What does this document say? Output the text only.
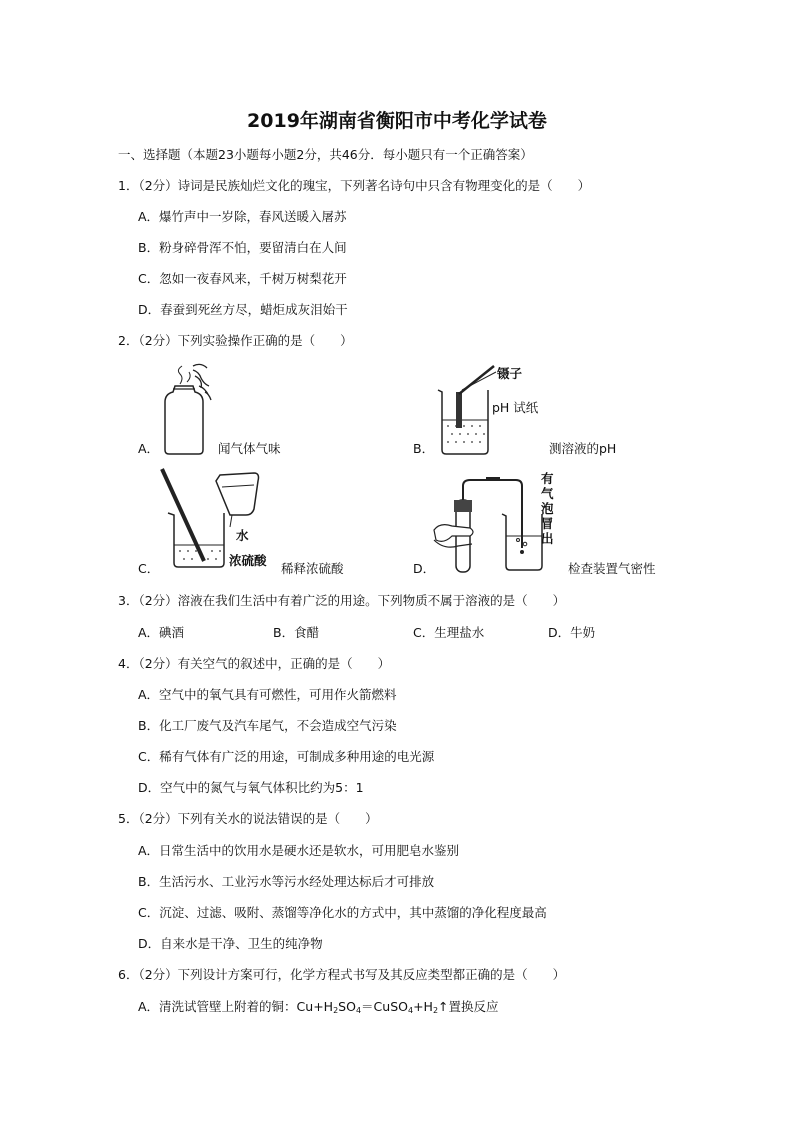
2019年湖南省衡阳市中考化学试卷
一、选择题（本题23小题每小题2分，共46分．每小题只有一个正确答案）
1．（2分）诗词是民族灿烂文化的瑰宝，下列著名诗句中只含有物理变化的是（　　）
A．爆竹声中一岁除，春风送暖入屠苏
B．粉身碎骨浑不怕，要留清白在人间
C．忽如一夜春风来，千树万树梨花开
D．春蚕到死丝方尽，蜡炬成灰泪始干
2．（2分）下列实验操作正确的是（　　）
A．	闻气体气味
镊子
pH 试纸
B．	测溶液的pH
水
浓硫酸
C．	稀释浓硫酸
有
气
泡
冒
出
D．	检查装置气密性
3．（2分）溶液在我们生活中有着广泛的用途。下列物质不属于溶液的是（　　）
A．碘酒	B．食醋	C．生理盐水	D．牛奶
4．（2分）有关空气的叙述中，正确的是（　　）
A．空气中的氧气具有可燃性，可用作火箭燃料
B．化工厂废气及汽车尾气，不会造成空气污染
C．稀有气体有广泛的用途，可制成多种用途的电光源
D．空气中的氮气与氧气体积比约为5：1
5．（2分）下列有关水的说法错误的是（　　）
A．日常生活中的饮用水是硬水还是软水，可用肥皂水鉴别
B．生活污水、工业污水等污水经处理达标后才可排放
C．沉淀、过滤、吸附、蒸馏等净化水的方式中，其中蒸馏的净化程度最高
D．自来水是干净、卫生的纯净物
6．（2分）下列设计方案可行，化学方程式书写及其反应类型都正确的是（　　）
A．清洗试管壁上附着的铜：$Cu+H_2SO_4=CuSO_4+H_2↑$置换反应
